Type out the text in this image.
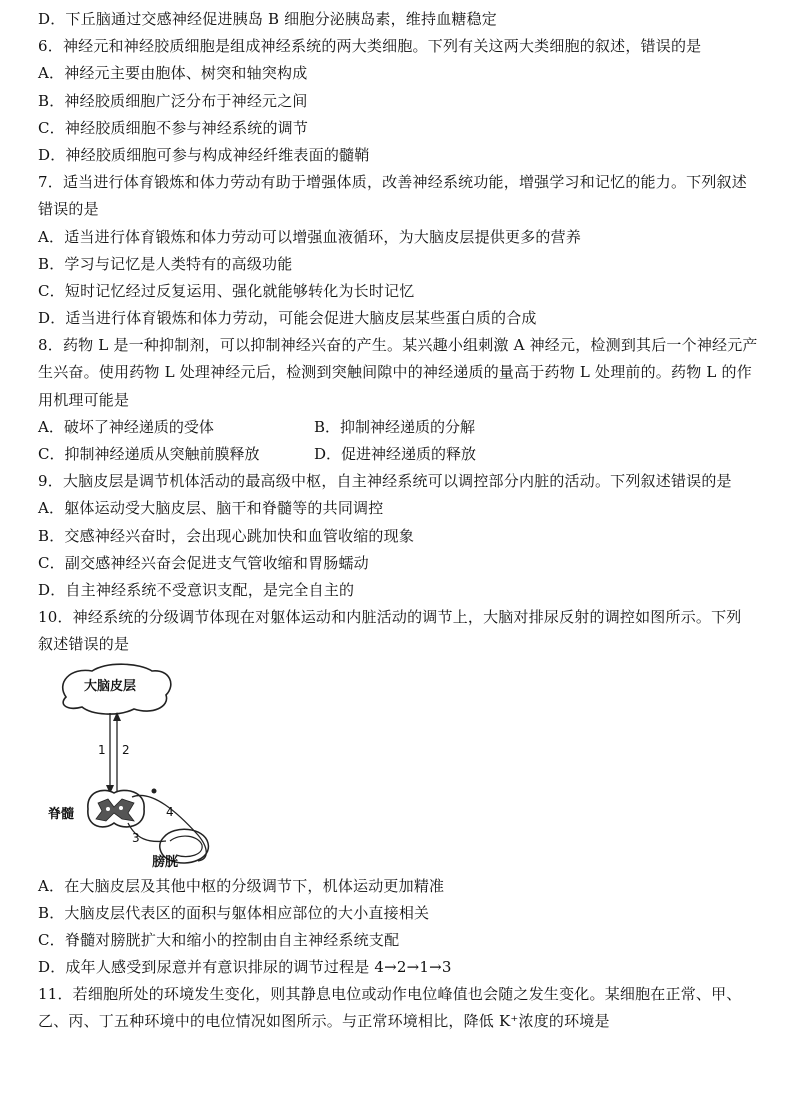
D．下丘脑通过交感神经促进胰岛 B 细胞分泌胰岛素，维持血糖稳定
6．神经元和神经胶质细胞是组成神经系统的两大类细胞。下列有关这两大类细胞的叙述，错误的是
A．神经元主要由胞体、树突和轴突构成
B．神经胶质细胞广泛分布于神经元之间
C．神经胶质细胞不参与神经系统的调节
D．神经胶质细胞可参与构成神经纤维表面的髓鞘
7．适当进行体育锻炼和体力劳动有助于增强体质，改善神经系统功能，增强学习和记忆的能力。下列叙述
错误的是
A．适当进行体育锻炼和体力劳动可以增强血液循环，为大脑皮层提供更多的营养
B．学习与记忆是人类特有的高级功能
C．短时记忆经过反复运用、强化就能够转化为长时记忆
D．适当进行体育锻炼和体力劳动，可能会促进大脑皮层某些蛋白质的合成
8．药物 L 是一种抑制剂，可以抑制神经兴奋的产生。某兴趣小组刺激 A 神经元，检测到其后一个神经元产
生兴奋。使用药物 L 处理神经元后，检测到突触间隙中的神经递质的量高于药物 L 处理前的。药物 L 的作
用机理可能是
A．破坏了神经递质的受体	B．抑制神经递质的分解
C．抑制神经递质从突触前膜释放	D．促进神经递质的释放
9．大脑皮层是调节机体活动的最高级中枢，自主神经系统可以调控部分内脏的活动。下列叙述错误的是
A．躯体运动受大脑皮层、脑干和脊髓等的共同调控
B．交感神经兴奋时，会出现心跳加快和血管收缩的现象
C．副交感神经兴奋会促进支气管收缩和胃肠蠕动
D．自主神经系统不受意识支配，是完全自主的
10．神经系统的分级调节体现在对躯体运动和内脏活动的调节上，大脑对排尿反射的调控如图所示。下列
叙述错误的是
大脑皮层
脊髓
膀胱
1 2
3
4
A．在大脑皮层及其他中枢的分级调节下，机体运动更加精准
B．大脑皮层代表区的面积与躯体相应部位的大小直接相关
C．脊髓对膀胱扩大和缩小的控制由自主神经系统支配
D．成年人感受到尿意并有意识排尿的调节过程是 4→2→1→3
11．若细胞所处的环境发生变化，则其静息电位或动作电位峰值也会随之发生变化。某细胞在正常、甲、
乙、丙、丁五种环境中的电位情况如图所示。与正常环境相比，降低 K⁺浓度的环境是
